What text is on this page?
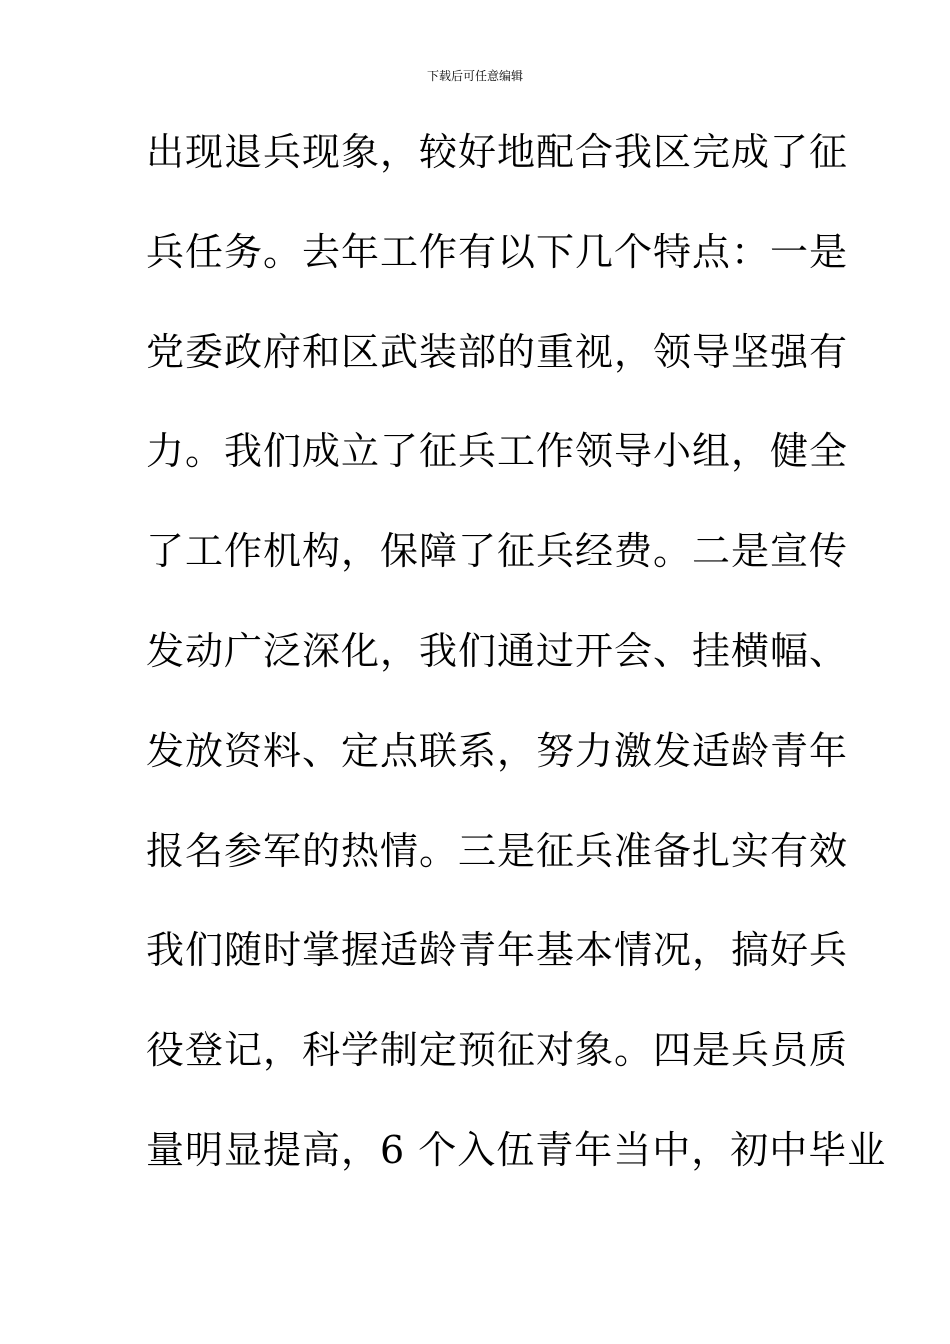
下载后可任意编辑
出现退兵现象，较好地配合我区完成了征
兵任务。去年工作有以下几个特点：一是
党委政府和区武装部的重视，领导坚强有
力。我们成立了征兵工作领导小组，健全
了工作机构，保障了征兵经费。二是宣传
发动广泛深化，我们通过开会、挂横幅、
发放资料、定点联系，努力激发适龄青年
报名参军的热情。三是征兵准备扎实有效
我们随时掌握适龄青年基本情况，搞好兵
役登记，科学制定预征对象。四是兵员质
量明显提高，6 个入伍青年当中，初中毕业
